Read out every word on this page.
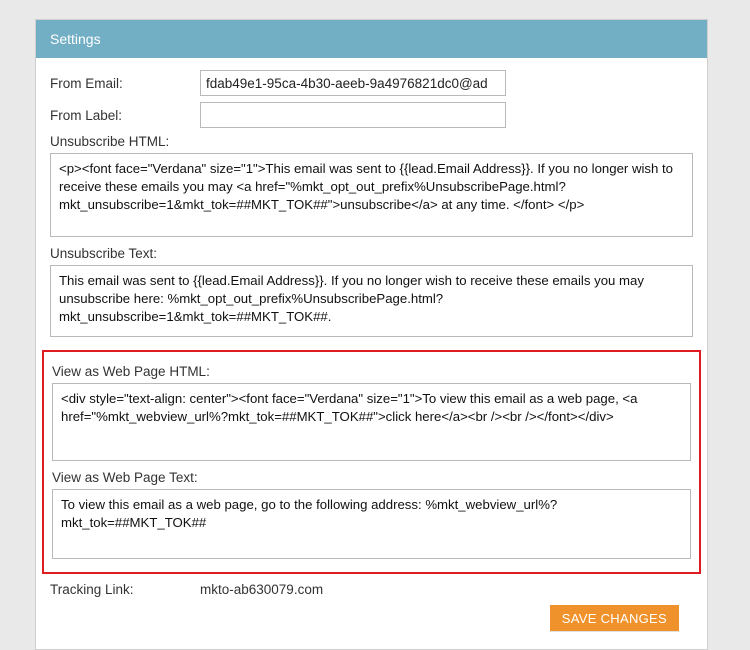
Settings
From Email:
fdab49e1-95ca-4b30-aeeb-9a4976821dc0@ad
From Label:
Unsubscribe HTML:
<p><font face="Verdana" size="1">This email was sent to {{lead.Email Address}}. If you no longer wish to receive these emails you may <a href="%mkt_opt_out_prefix%UnsubscribePage.html?mkt_unsubscribe=1&mkt_tok=##MKT_TOK##">unsubscribe</a> at any time. </font> </p>
Unsubscribe Text:
This email was sent to {{lead.Email Address}}. If you no longer wish to receive these emails you may unsubscribe here: %mkt_opt_out_prefix%UnsubscribePage.html?mkt_unsubscribe=1&mkt_tok=##MKT_TOK##.
View as Web Page HTML:
<div style="text-align: center"><font face="Verdana" size="1">To view this email as a web page, <a href="%mkt_webview_url%?mkt_tok=##MKT_TOK##">click here</a><br /><br /></font></div>
View as Web Page Text:
To view this email as a web page, go to the following address: %mkt_webview_url%?mkt_tok=##MKT_TOK##
Tracking Link:	mkto-ab630079.com
SAVE CHANGES
